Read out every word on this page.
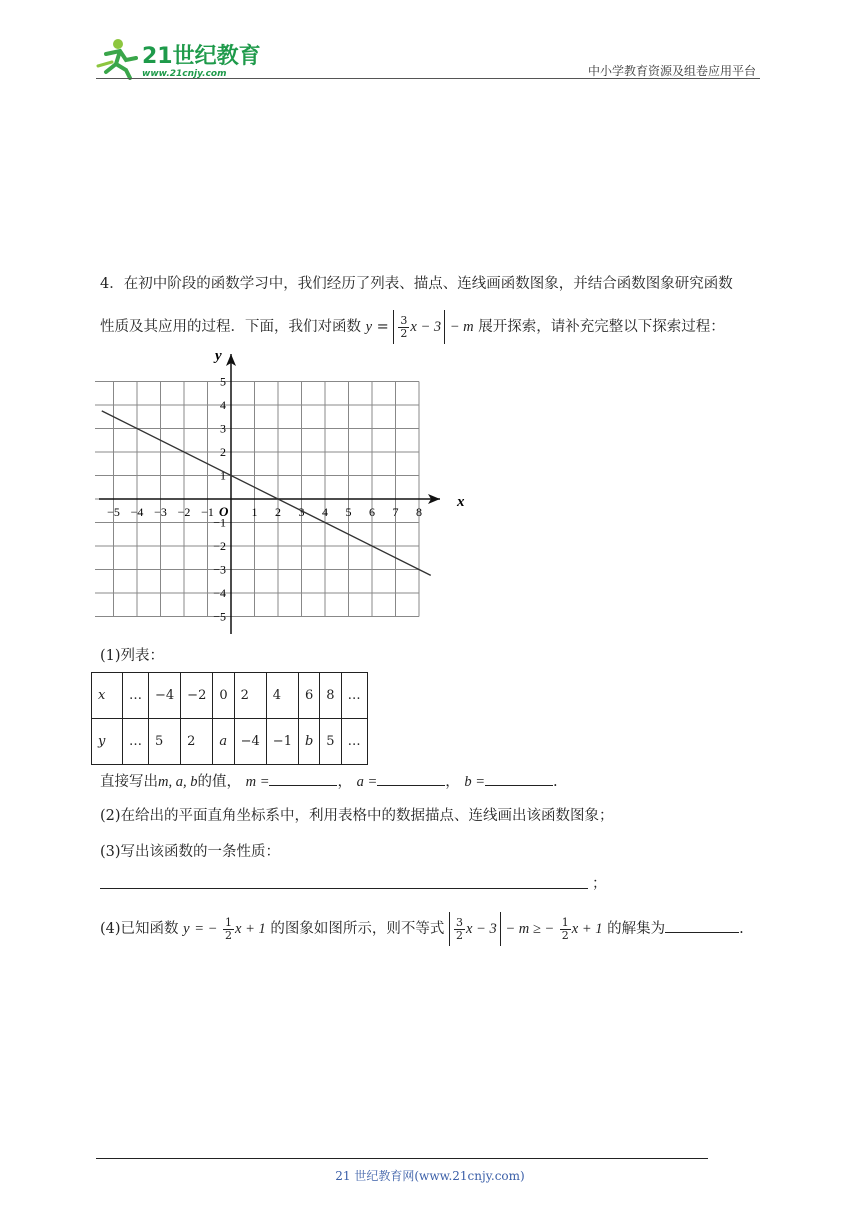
21世纪教育
www.21cnjy.com	中小学教育资源及组卷应用平台
4．在初中阶段的函数学习中，我们经历了列表、描点、连线画函数图象，并结合函数图象研究函数
性质及其应用的过程．下面，我们对函数 $y = \frac{3}{2}$ x − 3 − m 展开探索，请补充完整以下探索过程：
−5 −4 −3 −2 −1	1 2 3 4 5 6 7 8
5
4
3
2
1
−1
−2
−3
−4
−5
O
x
y
(1)列表：
x	…	−4	−2	0	2	4	6	8	…
y	…	5	2	a	−4	−1	b	5	…
直接写出m, a, b的值， m =	， a =	， b =	.
(2)在给出的平面直角坐标系中，利用表格中的数据描点、连线画出该函数图象；
(3)写出该函数的一条性质：
；
(4)已知函数 y = − $\frac{1}{2}$ x + 1 的图象如图所示，则不等式 $\frac{3}{2}$ x − 3 − m ≥ − $\frac{1}{2}$ x + 1 的解集为	.
21 世纪教育网(www.21cnjy.com)
